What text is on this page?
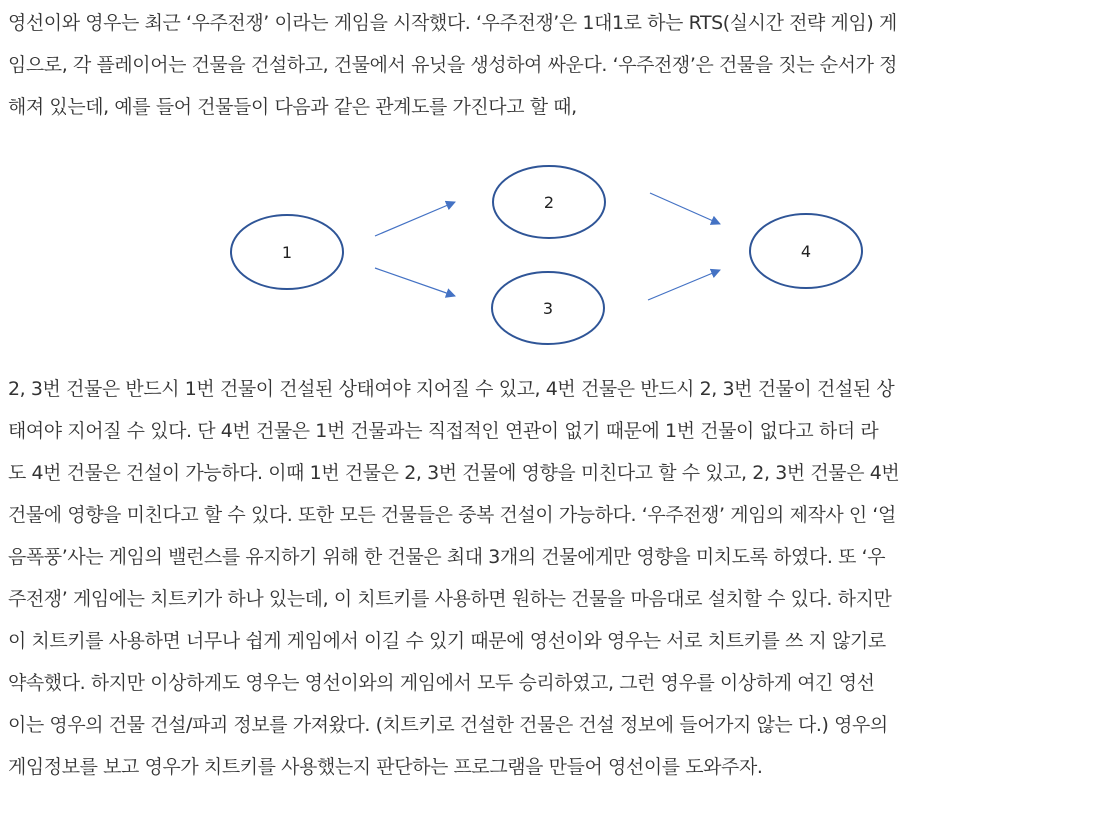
영선이와 영우는 최근 ‘우주전쟁’ 이라는 게임을 시작했다. ‘우주전쟁’은 1대1로 하는 RTS(실시간 전략 게임) 게
임으로, 각 플레이어는 건물을 건설하고, 건물에서 유닛을 생성하여 싸운다. ‘우주전쟁’은 건물을 짓는 순서가 정
해져 있는데, 예를 들어 건물들이 다음과 같은 관계도를 가진다고 할 때,
1
2
3
4
2, 3번 건물은 반드시 1번 건물이 건설된 상태여야 지어질 수 있고, 4번 건물은 반드시 2, 3번 건물이 건설된 상
태여야 지어질 수 있다. 단 4번 건물은 1번 건물과는 직접적인 연관이 없기 때문에 1번 건물이 없다고 하더 라
도 4번 건물은 건설이 가능하다. 이때 1번 건물은 2, 3번 건물에 영향을 미친다고 할 수 있고, 2, 3번 건물은 4번
건물에 영향을 미친다고 할 수 있다. 또한 모든 건물들은 중복 건설이 가능하다. ‘우주전쟁’ 게임의 제작사 인 ‘얼
음폭풍’사는 게임의 밸런스를 유지하기 위해 한 건물은 최대 3개의 건물에게만 영향을 미치도록 하였다. 또 ‘우
주전쟁’ 게임에는 치트키가 하나 있는데, 이 치트키를 사용하면 원하는 건물을 마음대로 설치할 수 있다. 하지만
이 치트키를 사용하면 너무나 쉽게 게임에서 이길 수 있기 때문에 영선이와 영우는 서로 치트키를 쓰 지 않기로
약속했다. 하지만 이상하게도 영우는 영선이와의 게임에서 모두 승리하였고, 그런 영우를 이상하게 여긴 영선
이는 영우의 건물 건설/파괴 정보를 가져왔다. (치트키로 건설한 건물은 건설 정보에 들어가지 않는 다.) 영우의
게임정보를 보고 영우가 치트키를 사용했는지 판단하는 프로그램을 만들어 영선이를 도와주자.
